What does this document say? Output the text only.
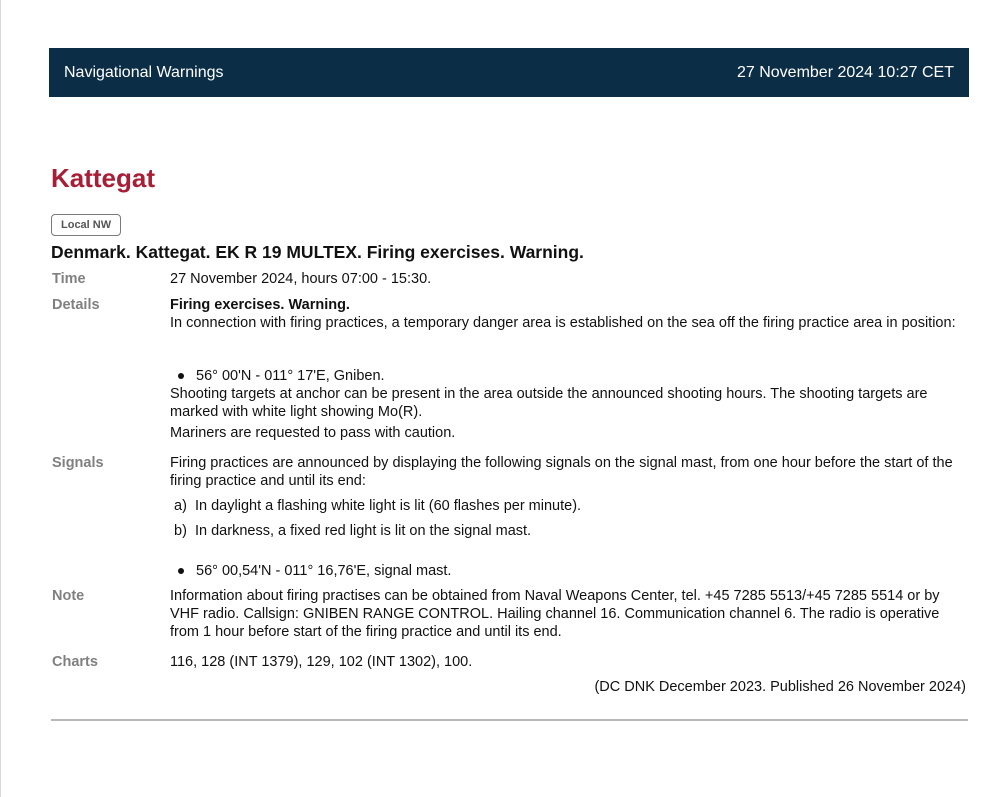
Navigational Warnings	27 November 2024 10:27 CET
Kattegat
Local NW
Denmark. Kattegat. EK R 19 MULTEX. Firing exercises. Warning.
Time	27 November 2024, hours 07:00 - 15:30.

Details	Firing exercises. Warning.

In connection with firing practices, a temporary danger area is established on the sea off the firing practice area in position:

56° 00'N - 011° 17'E, Gniben.

Shooting targets at anchor can be present in the area outside the announced shooting hours. The shooting targets are marked with white light showing Mo(R).

Mariners are requested to pass with caution.

Signals	Firing practices are announced by displaying the following signals on the signal mast, from one hour before the start of the firing practice and until its end:

a) In daylight a flashing white light is lit (60 flashes per minute).
b) In darkness, a fixed red light is lit on the signal mast.
56° 00,54'N - 011° 16,76'E, signal mast.
Note	Information about firing practises can be obtained from Naval Weapons Center, tel. +45 7285 5513/+45 7285 5514 or by VHF radio. Callsign: GNIBEN RANGE CONTROL. Hailing channel 16. Communication channel 6. The radio is operative from 1 hour before start of the firing practice and until its end.

Charts	116, 128 (INT 1379), 129, 102 (INT 1302), 100.

(DC DNK December 2023. Published 26 November 2024)
